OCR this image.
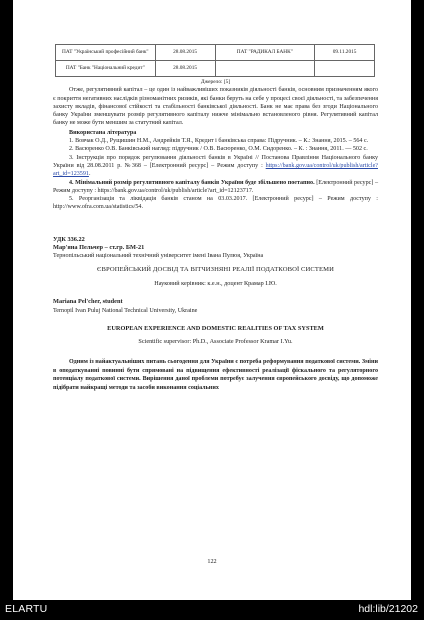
ПАТ "Український професійний банк"	28.08.2015	ПАТ "РАДИКАЛ БАНК"	09.11.2015
ПАТ "Банк "Національний кредит"	28.08.2015		
Джерело: [5]

Отже, регулятивний капітал – це один із найважливіших показників діяльності банків, основним призначенням якого є покриття негативних наслідків різноманітних ризиків, які банки беруть на себе у процесі своєї діяльності, та забезпечення захисту вкладів, фінансової стійкості та стабільності банківської діяльності. Банк не має права без згоди Національного банку України зменшувати розмір регулятивного капіталу нижче мінімально встановленого рівня. Регулятивний капітал банку не може бути меншим за статутний капітал.

Використана література

1. Вовчак О.Д., Рущишин Н.М., Андрейків Т.Я., Кредит і банківська справа: Підручник. – К.: Знання, 2015. – 564 с.

2. Васюренко О.В. Банківський нагляд: підручник / О.В. Васюренко, О.М. Сидоренко. – К. : Знання, 2011. — 502 с.

3. Інструкція про порядок регулювання діяльності банків в Україні // Постанова Правління Національного банку України від 28.08.2011 р. №368 – [Електронний ресурс] – Режим доступу : https://bank.gov.ua/control/uk/publish/article?art_id=123591.

4. Мінімальний розмір регулятивного капіталу банків України буде збільшено поетапно. [Електронний ресурс] – Режим доступу : https://bank.gov.ua/control/uk/publish/article?art_id=12123717.

5. Реорганізація та ліквідація банків станом на 03.03.2017. [Електронний ресурс] – Режим доступу : http://www.ofra.com.ua/statistics/54.

УДК 336.22
Мар'яна Пельчер – ст.гр. БМ-21
Тернопільський національний технічний університет імені Івана Пулюя, Україна
ЄВРОПЕЙСЬКИЙ ДОСВІД ТА ВІТЧИЗНЯНІ РЕАЛІЇ ПОДАТКОВОЇ СИСТЕМИ
Науковий керівник: к.е.н., доцент Крамар І.Ю.
Mariana Pel'cher, student
Ternopil Ivan Puluj National Technical University, Ukraine
EUROPEAN EXPERIENCE AND DOMESTIC REALITIES OF TAX SYSTEM
Scientific supervisor: Ph.D., Associate Professor Kramar I.Yu.

Одним із найактуальніших питань сьогодення для України є потреба реформування податкової системи. Зміни в оподаткуванні повинні бути спрямовані на підвищення ефективності реалізації фіскального та регуляторного потенціалу податкової системи. Вирішення даної проблеми потребує залучення європейського досвіду, що допоможе підібрати найкращі методи та засоби виконання соціальних

122
ELARTU	hdl:lib/21202
